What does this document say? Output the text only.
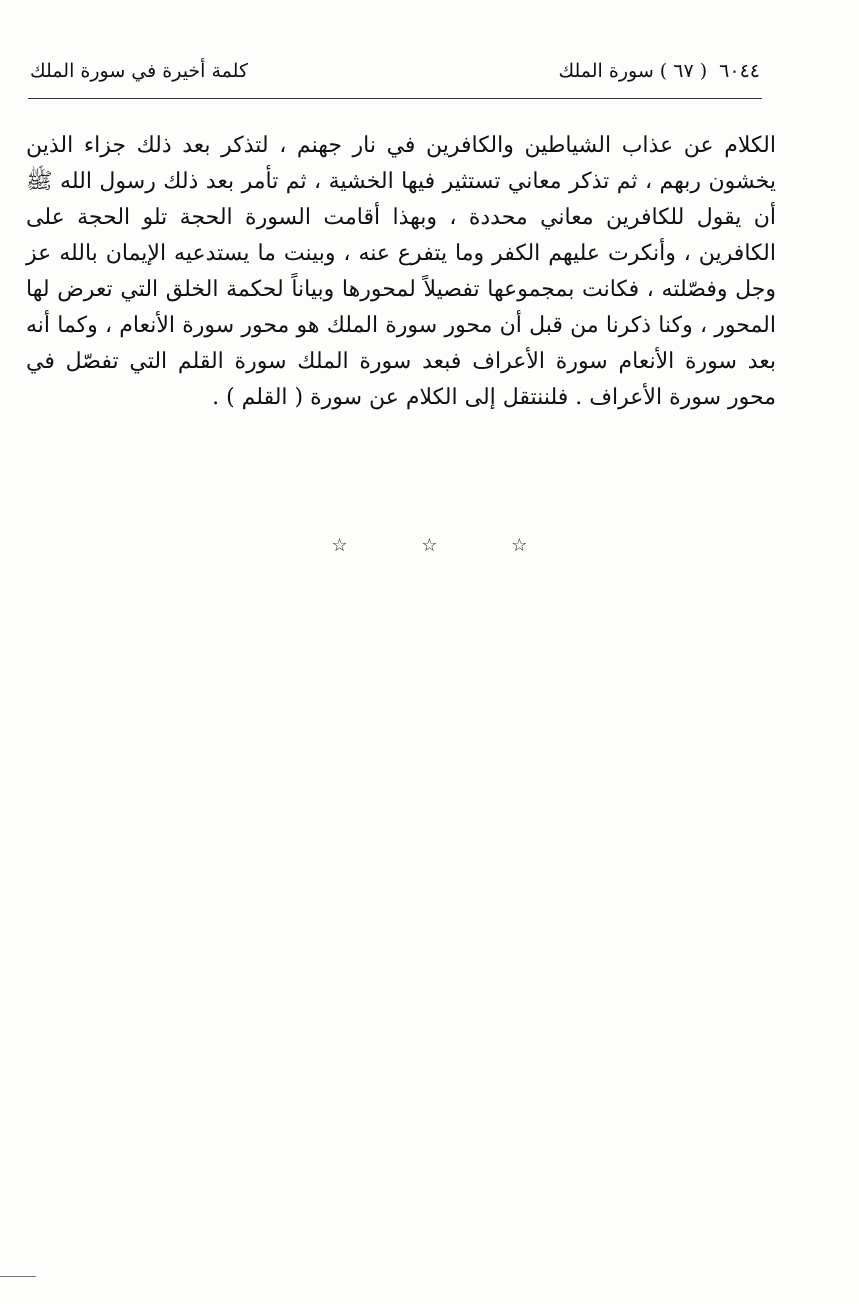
٦٠٤٤ ( ٦٧ ) سورة الملك
كلمة أخيرة في سورة الملك

الكلام عن عذاب الشياطين والكافرين في نار جهنم ، لتذكر بعد ذلك جزاء الذين يخشون ربهم ، ثم تذكر معاني تستثير فيها الخشية ، ثم تأمر بعد ذلك رسول الله ﷺ أن يقول للكافرين معاني محددة ، وبهذا أقامت السورة الحجة تلو الحجة على الكافرين ، وأنكرت عليهم الكفر وما يتفرع عنه ، وبينت ما يستدعيه الإيمان بالله عز وجل وفصّلته ، فكانت بمجموعها تفصيلاً لمحورها وبياناً لحكمة الخلق التي تعرض لها المحور ، وكنا ذكرنا من قبل أن محور سورة الملك هو محور سورة الأنعام ، وكما أنه بعد سورة الأنعام سورة الأعراف فبعد سورة الملك سورة القلم التي تفصّل في محور سورة الأعراف . فلننتقل إلى الكلام عن سورة ( القلم ) .

☆ ☆ ☆
